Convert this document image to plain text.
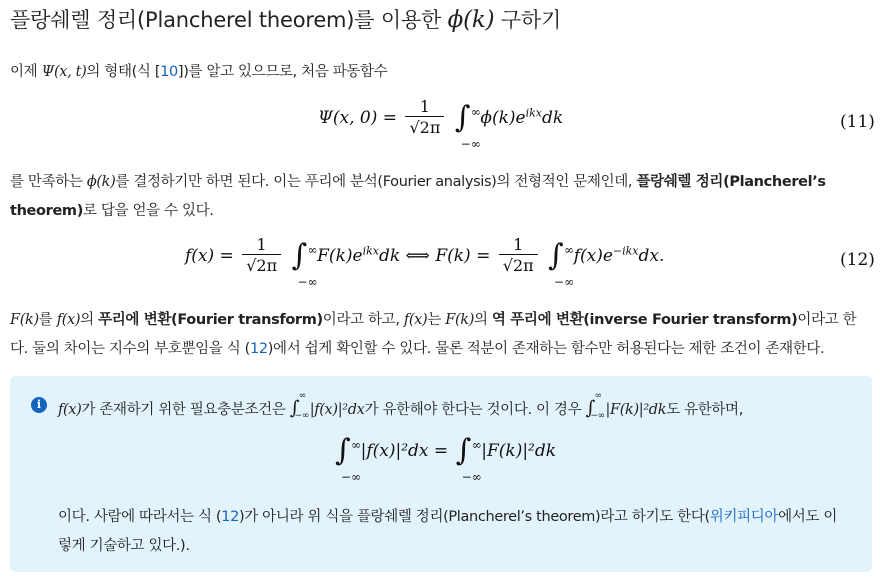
플랑쉐렐 정리(Plancherel theorem)를 이용한 ϕ(k) 구하기
이제 Ψ(x, t)의 형태(식 [10])를 알고 있으므로, 처음 파동함수
Ψ(x, $0) = \frac{1}{√2\pi}$ ∫ ∞
−∞
$\phi(k)e^{ikx}dk$	(11)
를 만족하는 ϕ(k)를 결정하기만 하면 된다. 이는 푸리에 분석(Fourier analysis)의 전형적인 문제인데, 플랑쉐렐 정리(Plancherel’s
theorem)로 답을 얻을 수 있다.
$f(x) = \frac{1}{√2\pi}$ ∫ ∞
−∞
$F(k)e^{ikx}dk$ ⟺ $F(k) = \frac{1}{√2\pi}$ ∫ ∞
−∞
$f(x)e^{-ikx}dx$.	(12)
F(k)를 f(x)의 푸리에 변환(Fourier transform)이라고 하고, f(x)는 F(k)의 역 푸리에 변환(inverse Fourier transform)이라고 한
다. 둘의 차이는 지수의 부호뿐임을 식 (12)에서 쉽게 확인할 수 있다. 물론 적분이 존재하는 함수만 허용된다는 제한 조건이 존재한다.
i	f(x)가 존재하기 위한 필요충분조건은 ∫
∞
−∞ |f(x)|²dx가 유한해야 한다는 것이다. 이 경우 ∫
∞
−∞ |F(k)|²dk도 유한하며,
∫ ∞
−∞
|f(x)|²dx = ∫ ∞
−∞
|F(k)|²dk
이다. 사람에 따라서는 식 (12)가 아니라 위 식을 플랑쉐렐 정리(Plancherel’s theorem)라고 하기도 한다(위키피디아에서도 이
렇게 기술하고 있다.).
